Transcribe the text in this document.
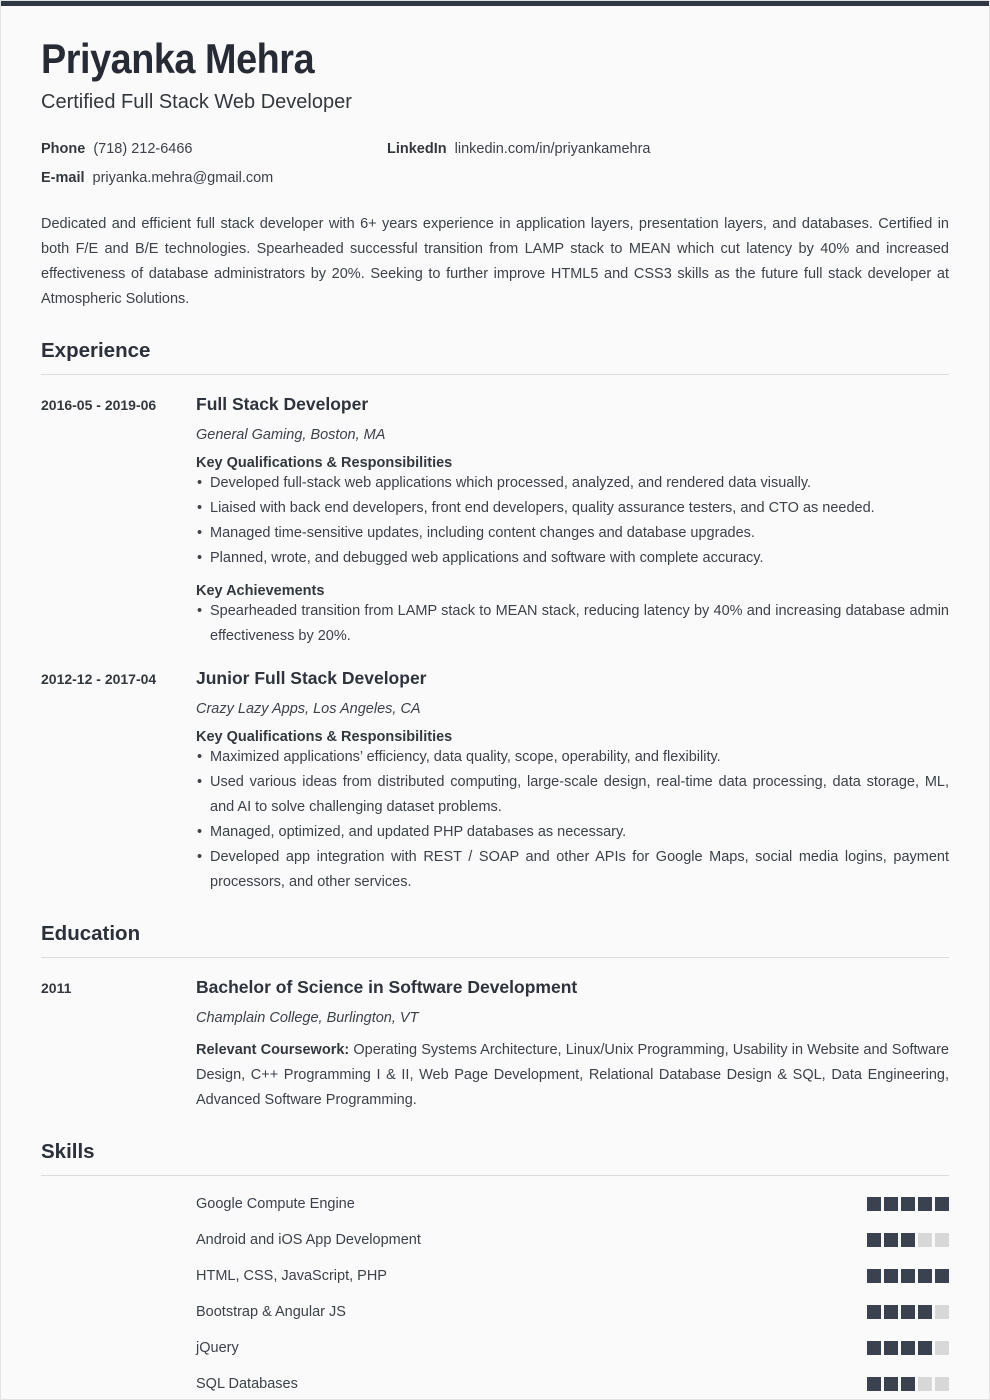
Priyanka Mehra
Certified Full Stack Web Developer
Phone (718) 212-6466	LinkedIn linkedin.com/in/priyankamehra
E-mail priyanka.mehra@gmail.com

Dedicated and efficient full stack developer with 6+ years experience in application layers, presentation layers, and databases. Certified in both F/E and B/E technologies. Spearheaded successful transition from LAMP stack to MEAN which cut latency by 40% and increased effectiveness of database administrators by 20%. Seeking to further improve HTML5 and CSS3 skills as the future full stack developer at Atmospheric Solutions.

Experience
2016-05 - 2019-06	Full Stack Developer
General Gaming, Boston, MA
Key Qualifications & Responsibilities
• Developed full-stack web applications which processed, analyzed, and rendered data visually.
• Liaised with back end developers, front end developers, quality assurance testers, and CTO as needed.
• Managed time-sensitive updates, including content changes and database upgrades.
• Planned, wrote, and debugged web applications and software with complete accuracy.
Key Achievements
• Spearheaded transition from LAMP stack to MEAN stack, reducing latency by 40% and increasing database admin effectiveness by 20%.
2012-12 - 2017-04	Junior Full Stack Developer
Crazy Lazy Apps, Los Angeles, CA
Key Qualifications & Responsibilities
• Maximized applications’ efficiency, data quality, scope, operability, and flexibility.
• Used various ideas from distributed computing, large-scale design, real-time data processing, data storage, ML, and AI to solve challenging dataset problems.
• Managed, optimized, and updated PHP databases as necessary.
• Developed app integration with REST / SOAP and other APIs for Google Maps, social media logins, payment processors, and other services.
Education
2011	Bachelor of Science in Software Development
Champlain College, Burlington, VT
Relevant Coursework: Operating Systems Architecture, Linux/Unix Programming, Usability in Website and Software Design, C++ Programming I & II, Web Page Development, Relational Database Design & SQL, Data Engineering, Advanced Software Programming.
Skills
Google Compute Engine
Android and iOS App Development
HTML, CSS, JavaScript, PHP
Bootstrap & Angular JS
jQuery
SQL Databases
